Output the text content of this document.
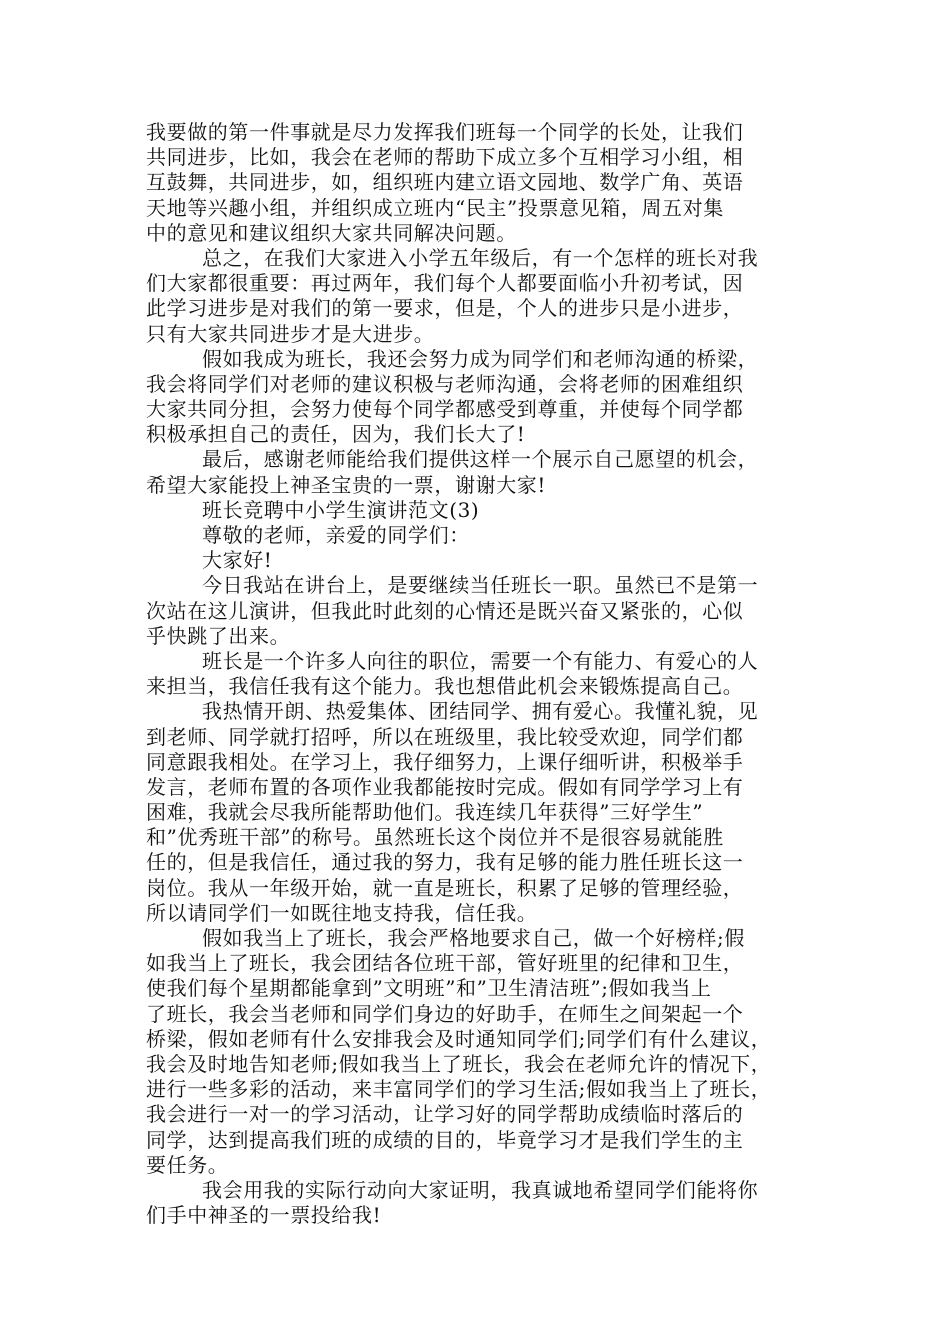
我要做的第一件事就是尽力发挥我们班每一个同学的长处，让我们
共同进步，比如，我会在老师的帮助下成立多个互相学习小组，相
互鼓舞，共同进步，如，组织班内建立语文园地、数学广角、英语
天地等兴趣小组，并组织成立班内“民主”投票意见箱，周五对集
中的意见和建议组织大家共同解决问题。
总之，在我们大家进入小学五年级后，有一个怎样的班长对我
们大家都很重要：再过两年，我们每个人都要面临小升初考试，因
此学习进步是对我们的第一要求，但是，个人的进步只是小进步，
只有大家共同进步才是大进步。
假如我成为班长，我还会努力成为同学们和老师沟通的桥梁，
我会将同学们对老师的建议积极与老师沟通，会将老师的困难组织
大家共同分担，会努力使每个同学都感受到尊重，并使每个同学都
积极承担自己的责任，因为，我们长大了!
最后，感谢老师能给我们提供这样一个展示自己愿望的机会，
希望大家能投上神圣宝贵的一票，谢谢大家!
班长竞聘中小学生演讲范文(3)
尊敬的老师，亲爱的同学们：
大家好!
今日我站在讲台上，是要继续当任班长一职。虽然已不是第一
次站在这儿演讲，但我此时此刻的心情还是既兴奋又紧张的，心似
乎快跳了出来。
班长是一个许多人向往的职位，需要一个有能力、有爱心的人
来担当，我信任我有这个能力。我也想借此机会来锻炼提高自己。
我热情开朗、热爱集体、团结同学、拥有爱心。我懂礼貌，见
到老师、同学就打招呼，所以在班级里，我比较受欢迎，同学们都
同意跟我相处。在学习上，我仔细努力，上课仔细听讲，积极举手
发言，老师布置的各项作业我都能按时完成。假如有同学学习上有
困难，我就会尽我所能帮助他们。我连续几年获得”三好学生”
和”优秀班干部”的称号。虽然班长这个岗位并不是很容易就能胜
任的，但是我信任，通过我的努力，我有足够的能力胜任班长这一
岗位。我从一年级开始，就一直是班长，积累了足够的管理经验，
所以请同学们一如既往地支持我，信任我。
假如我当上了班长，我会严格地要求自己，做一个好榜样;假
如我当上了班长，我会团结各位班干部，管好班里的纪律和卫生，
使我们每个星期都能拿到”文明班”和”卫生清洁班”;假如我当上
了班长，我会当老师和同学们身边的好助手，在师生之间架起一个
桥梁，假如老师有什么安排我会及时通知同学们;同学们有什么建议，
我会及时地告知老师;假如我当上了班长，我会在老师允许的情况下，
进行一些多彩的活动，来丰富同学们的学习生活;假如我当上了班长，
我会进行一对一的学习活动，让学习好的同学帮助成绩临时落后的
同学，达到提高我们班的成绩的目的，毕竟学习才是我们学生的主
要任务。
我会用我的实际行动向大家证明，我真诚地希望同学们能将你
们手中神圣的一票投给我!
